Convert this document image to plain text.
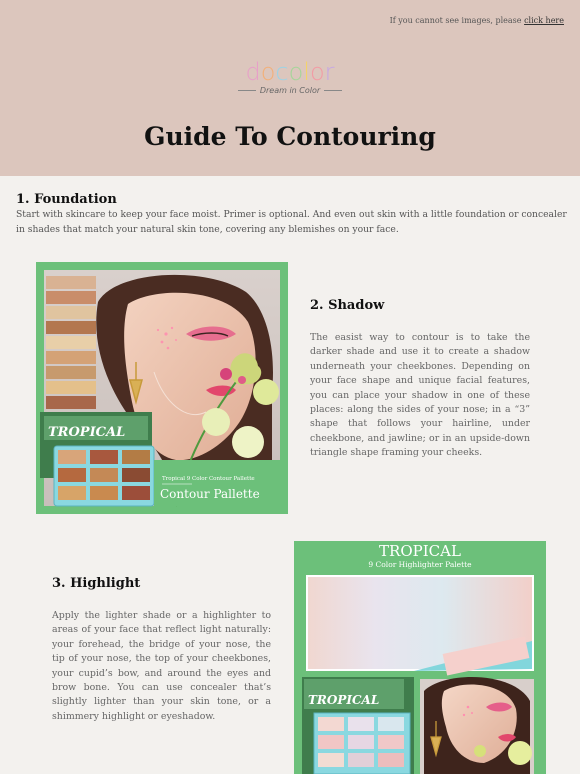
If you cannot see images, please click here
docolor
Dream in Color
Guide To Contouring
1. Foundation

Start with skincare to keep your face moist. Primer is optional. And even out skin with a little foundation or concealer in shades that match your natural skin tone, covering any blemishes on your face.

TROPICAL
Tropical 9 Color Contour Pallette
Contour Pallette
2. Shadow

The easist way to contour is to take the darker shade and use it to create a shadow underneath your cheekbones. Depending on your face shape and unique facial features, you can place your shadow in one of these places: along the sides of your nose; in a “3” shape that follows your hairline, under cheekbone, and jawline; or in an upside-down triangle shape framing your cheeks.

3. Highlight

Apply the lighter shade or a highlighter to areas of your face that reflect light naturally: your forehead, the bridge of your nose, the tip of your nose, the top of your cheekbones, your cupid’s bow, and around the eyes and brow bone. You can use concealer that’s slightly lighter than your skin tone, or a shimmery highlight or eyeshadow.

TROPICAL
9 Color Highlighter Palette
TROPICAL
